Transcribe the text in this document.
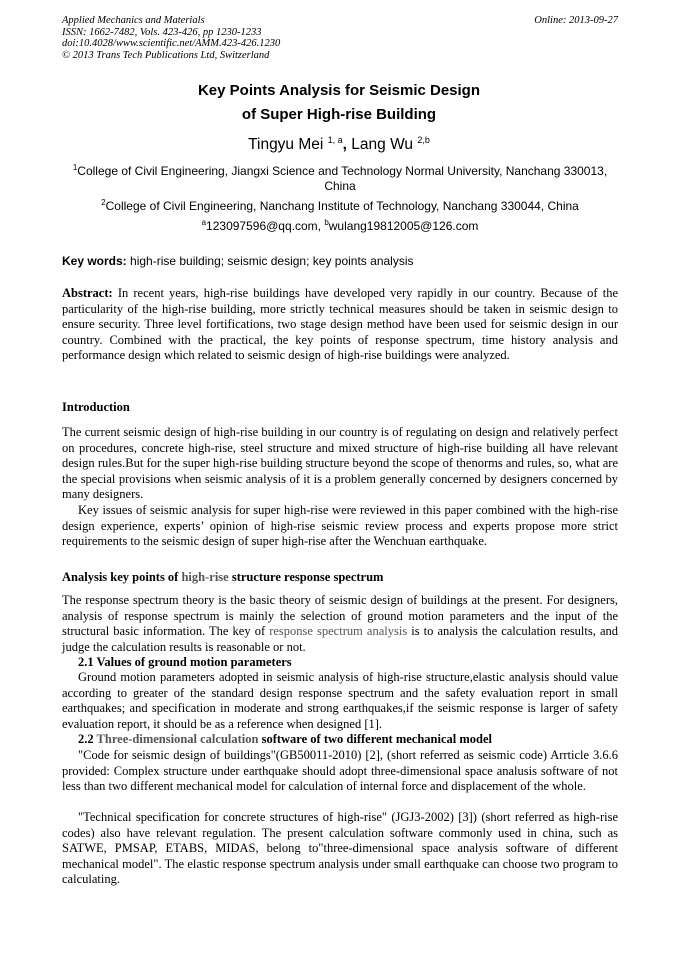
Applied Mechanics and Materials
ISSN: 1662-7482, Vols. 423-426, pp 1230-1233
doi:10.4028/www.scientific.net/AMM.423-426.1230
© 2013 Trans Tech Publications Ltd, Switzerland
Online: 2013-09-27
Key Points Analysis for Seismic Design
of Super High-rise Building
Tingyu Mei $^{1, a}$, Lang Wu $^{2,b}$
$^1$College of Civil Engineering, Jiangxi Science and Technology Normal University, Nanchang 330013, China
$^2$College of Civil Engineering, Nanchang Institute of Technology, Nanchang 330044, China
$^a$123097596@qq.com, $^b$wulang19812005@126.com
Key words: high-rise building; seismic design; key points analysis
Abstract: In recent years, high-rise buildings have developed very rapidly in our country. Because of the particularity of the high-rise building, more strictly technical measures should be taken in seismic design to ensure security. Three level fortifications, two stage design method have been used for seismic design in our country. Combined with the practical, the key points of response spectrum, time history analysis and performance design which related to seismic design of high-rise buildings were analyzed.
Introduction
The current seismic design of high-rise building in our country is of regulating on design and relatively perfect on procedures, concrete high-rise, steel structure and mixed structure of high-rise building all have relevant design rules.But for the super high-rise building structure beyond the scope of thenorms and rules, so, what are the special provisions when seismic analysis of it is a problem generally concerned by designers concerned by many designers.
Key issues of seismic analysis for super high-rise were reviewed in this paper combined with the high-rise design experience, experts’ opinion of high-rise seismic review process and experts propose more strict requirements to the seismic design of super high-rise after the Wenchuan earthquake.
Analysis key points of high-rise structure response spectrum
The response spectrum theory is the basic theory of seismic design of buildings at the present. For designers, analysis of response spectrum is mainly the selection of ground motion parameters and the input of the structural basic information. The key of response spectrum analysis is to analysis the calculation results, and judge the calculation results is reasonable or not.
2.1 Values of ground motion parameters
Ground motion parameters adopted in seismic analysis of high-rise structure,elastic analysis should value according to greater of the standard design response spectrum and the safety evaluation report in small earthquakes; and specification in moderate and strong earthquakes,if the seismic response is larger of safety evaluation report, it should be as a reference when designed [1].
2.2 Three-dimensional calculation software of two different mechanical model
"Code for seismic design of buildings"(GB50011-2010) [2], (short referred as seismic code) Arrticle 3.6.6 provided: Complex structure under earthquake should adopt three-dimensional space analusis software of not less than two different mechanical model for calculation of internal force and displacement of the whole.
"Technical specification for concrete structures of high-rise" (JGJ3-2002) [3]) (short referred as high-rise codes) also have relevant regulation. The present calculation software commonly used in china, such as SATWE, PMSAP, ETABS, MIDAS, belong to"three-dimensional space analysis software of different mechanical model". The elastic response spectrum analysis under small earthquake can choose two program to calculating.
